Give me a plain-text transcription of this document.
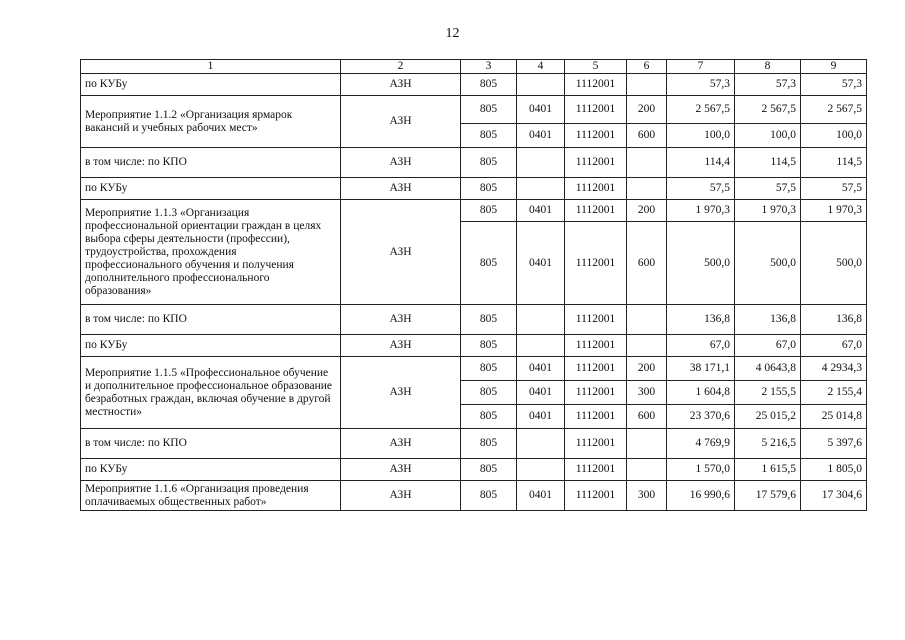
12
1	2	3	4	5	6	7	8	9
по КУБу	АЗН	805		1112001		57,3	57,3	57,3
Мероприятие 1.1.2 «Организация ярмарок вакансий и учебных рабочих мест»	АЗН	805	0401	1112001	200	2 567,5	2 567,5	2 567,5
		805	0401	1112001	600	100,0	100,0	100,0
в том числе: по КПО	АЗН	805		1112001		114,4	114,5	114,5
по КУБу	АЗН	805		1112001		57,5	57,5	57,5
Мероприятие 1.1.3 «Организация профессиональной ориентации граждан в целях выбора сферы деятельности (профессии), трудоустройства, прохождения профессионального обучения и получения дополнительного профессионального образования»	АЗН	805	0401	1112001	200	1 970,3	1 970,3	1 970,3
		805	0401	1112001	600	500,0	500,0	500,0
в том числе: по КПО	АЗН	805		1112001		136,8	136,8	136,8
по КУБу	АЗН	805		1112001		67,0	67,0	67,0
Мероприятие 1.1.5 «Профессиональное обучение и дополнительное профессиональное образование безработных граждан, включая обучение в другой местности»	АЗН	805	0401	1112001	200	38 171,1	4 0643,8	4 2934,3
		805	0401	1112001	300	1 604,8	2 155,5	2 155,4
		805	0401	1112001	600	23 370,6	25 015,2	25 014,8
в том числе: по КПО	АЗН	805		1112001		4 769,9	5 216,5	5 397,6
по КУБу	АЗН	805		1112001		1 570,0	1 615,5	1 805,0
Мероприятие 1.1.6 «Организация проведения оплачиваемых общественных работ»	АЗН	805	0401	1112001	300	16 990,6	17 579,6	17 304,6
